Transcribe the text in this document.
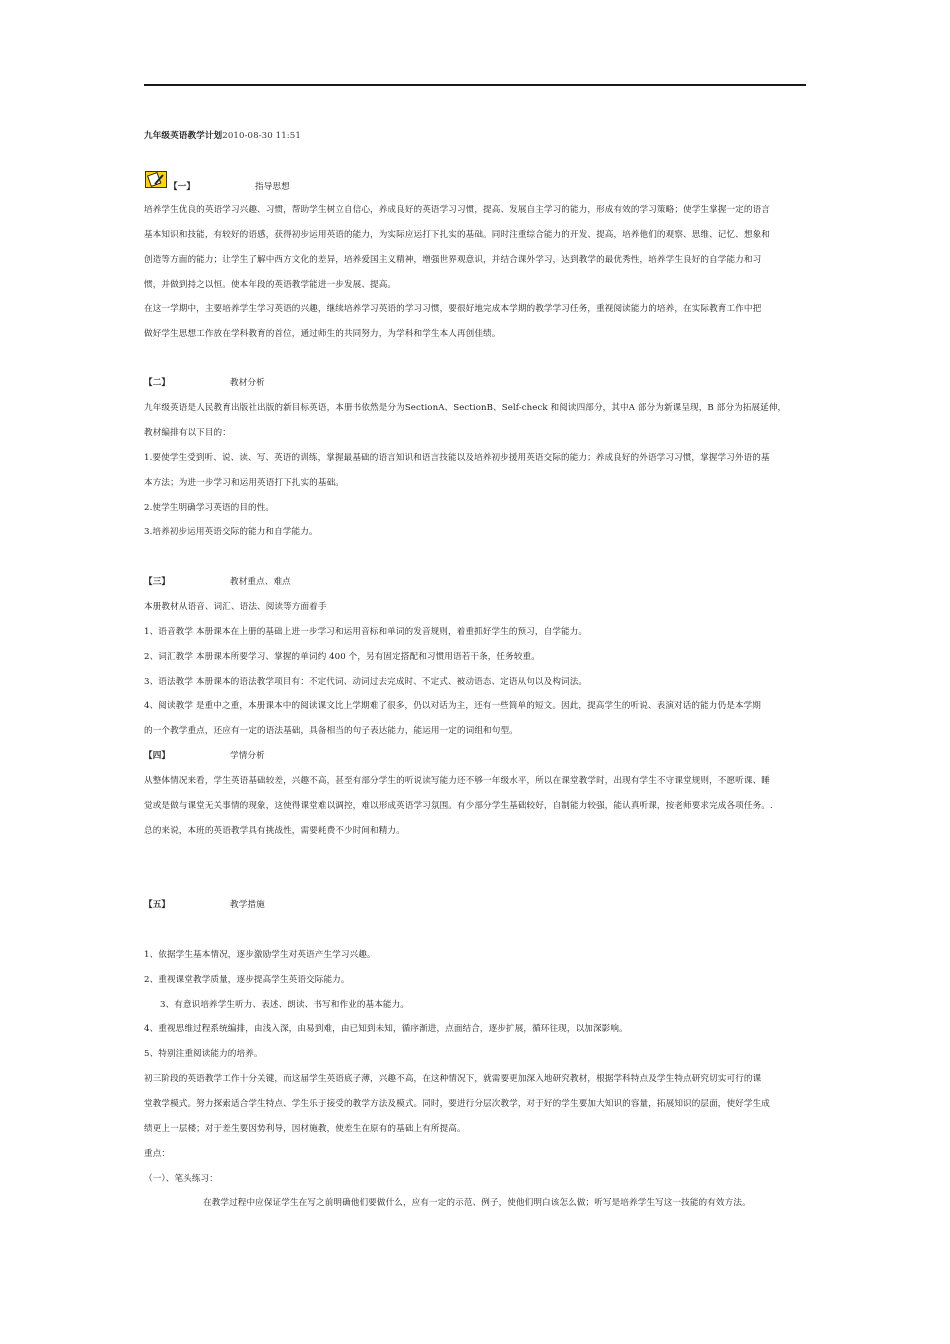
九年级英语教学计划2010-08-30 11:51
【一】	指导思想
培养学生优良的英语学习兴趣、习惯，帮助学生树立自信心，养成良好的英语学习习惯，提高、发展自主学习的能力，形成有效的学习策略；使学生掌握一定的语言
基本知识和技能，有较好的语感，获得初步运用英语的能力，为实际应运打下扎实的基础。同时注重综合能力的开发、提高，培养他们的观察、思维、记忆、想象和
创造等方面的能力；让学生了解中西方文化的差异，培养爱国主义精神，增强世界观意识，并结合课外学习，达到教学的最优秀性，培养学生良好的自学能力和习
惯，并做到持之以恒。使本年段的英语教学能进一步发展、提高。
在这一学期中，主要培养学生学习英语的兴趣，继续培养学习英语的学习习惯，要很好地完成本学期的教学学习任务，重视阅读能力的培养，在实际教育工作中把
做好学生思想工作放在学科教育的首位，通过师生的共同努力，为学科和学生本人再创佳绩。
【二】	教材分析
九年级英语是人民教育出版社出版的新目标英语，本册书依然是分为SectionA、SectionB、Self-check 和阅读四部分，其中A 部分为新课呈现，B 部分为拓展延伸，
教材编排有以下目的：
1.要使学生受到听、说、读、写、英语的训练，掌握最基础的语言知识和语言技能以及培养初步援用英语交际的能力；养成良好的外语学习习惯，掌握学习外语的基
本方法；为进一步学习和运用英语打下扎实的基础。
2.使学生明确学习英语的目的性。
3.培养初步运用英语交际的能力和自学能力。
【三】	教材重点、难点
本册教材从语音、词汇、语法、阅读等方面着手
1、语音教学 本册课本在上册的基础上进一步学习和运用音标和单词的发音规则，着重抓好学生的预习，自学能力。
2、词汇教学 本册课本所要学习、掌握的单词约 400 个，另有固定搭配和习惯用语若干条，任务较重。
3、语法教学 本册课本的语法教学项目有：不定代词、动词过去完成时、不定式、被动语态、定语从句以及构词法。
4、阅读教学 是重中之重，本册课本中的阅读课文比上学期难了很多，仍以对话为主，还有一些简单的短文。因此，提高学生的听说、表演对话的能力仍是本学期
的一个教学重点，还应有一定的语法基础，具备相当的句子表达能力，能运用一定的词组和句型。
【四】	学情分析
从整体情况来看，学生英语基础较差，兴趣不高，甚至有部分学生的听说读写能力还不够一年级水平，所以在课堂教学时，出现有学生不守课堂规则，不愿听课、睡
觉或是做与课堂无关事情的现象，这使得课堂难以调控，难以形成英语学习氛围。有少部分学生基础较好，自制能力较强，能认真听课，按老师要求完成各项任务。.
总的来说，本班的英语教学具有挑战性，需要耗费不少时间和精力。
【五】	教学措施
1、依据学生基本情况，逐步激励学生对英语产生学习兴趣。
2、重视课堂教学质量，逐步提高学生英语交际能力。
3、有意识培养学生听力、表述、朗读、书写和作业的基本能力。
4、重视思维过程系统编排，由浅入深，由易到难，由已知到未知，循序渐进，点面结合，逐步扩展，循环往现，以加深影响。
5、特别注重阅读能力的培养。
初三阶段的英语教学工作十分关键，而这届学生英语底子薄，兴趣不高，在这种情况下，就需要更加深入地研究教材，根据学科特点及学生特点研究切实可行的课
堂教学模式。努力探索适合学生特点、学生乐于接受的教学方法及模式。同时，要进行分层次教学，对于好的学生要加大知识的容量，拓展知识的层面，使好学生成
绩更上一层楼；对于差生要因势利导，因材施教，使差生在原有的基础上有所提高。
重点：
（一）、笔头练习：
在教学过程中应保证学生在写之前明确他们要做什么，应有一定的示范、例子，使他们明白该怎么做；听写是培养学生写这一技能的有效方法。
